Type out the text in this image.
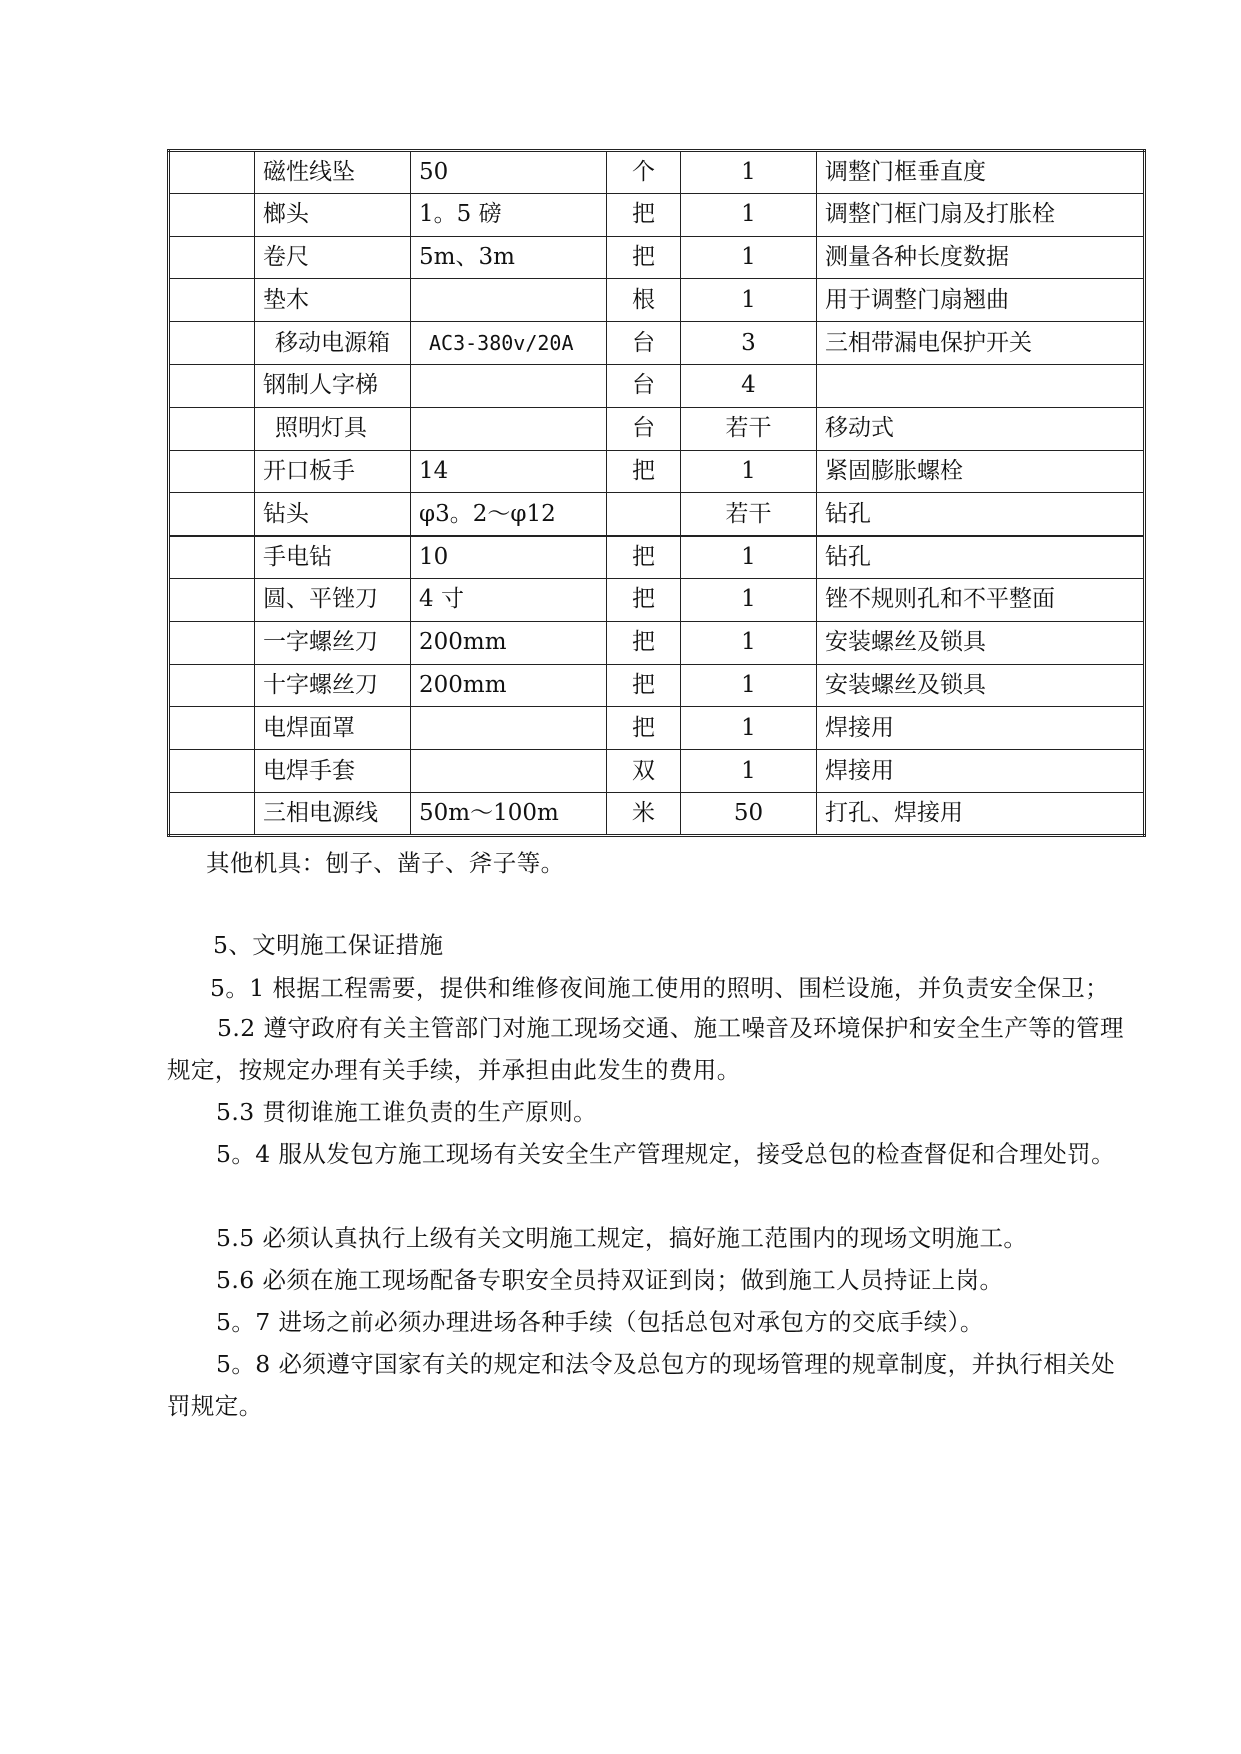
	磁性线坠	50	个	1	调整门框垂直度
	榔头	1。5 磅	把	1	调整门框门扇及打胀栓
	卷尺	5m、3m	把	1	测量各种长度数据
	垫木		根	1	用于调整门扇翘曲
	移动电源箱	AC3-380v/20A	台	3	三相带漏电保护开关
	钢制人字梯		台	4	
	照明灯具		台	若干	移动式
	开口板手	14	把	1	紧固膨胀螺栓
	钻头	φ3。2～φ12		若干	钻孔
	手电钻	10	把	1	钻孔
	圆、平锉刀	4 寸	把	1	锉不规则孔和不平整面
	一字螺丝刀	200mm	把	1	安装螺丝及锁具
	十字螺丝刀	200mm	把	1	安装螺丝及锁具
	电焊面罩		把	1	焊接用
	电焊手套		双	1	焊接用
	三相电源线	50m～100m	米	50	打孔、焊接用

其他机具：刨子、凿子、斧子等。

5、文明施工保证措施

5。1 根据工程需要，提供和维修夜间施工使用的照明、围栏设施，并负责安全保卫；

5.2 遵守政府有关主管部门对施工现场交通、施工噪音及环境保护和安全生产等的管理规定，按规定办理有关手续，并承担由此发生的费用。

5.3 贯彻谁施工谁负责的生产原则。

5。4 服从发包方施工现场有关安全生产管理规定，接受总包的检查督促和合理处罚。

5.5 必须认真执行上级有关文明施工规定，搞好施工范围内的现场文明施工。

5.6 必须在施工现场配备专职安全员持双证到岗；做到施工人员持证上岗。

5。7 进场之前必须办理进场各种手续（包括总包对承包方的交底手续）。

5。8 必须遵守国家有关的规定和法令及总包方的现场管理的规章制度，并执行相关处罚规定。
